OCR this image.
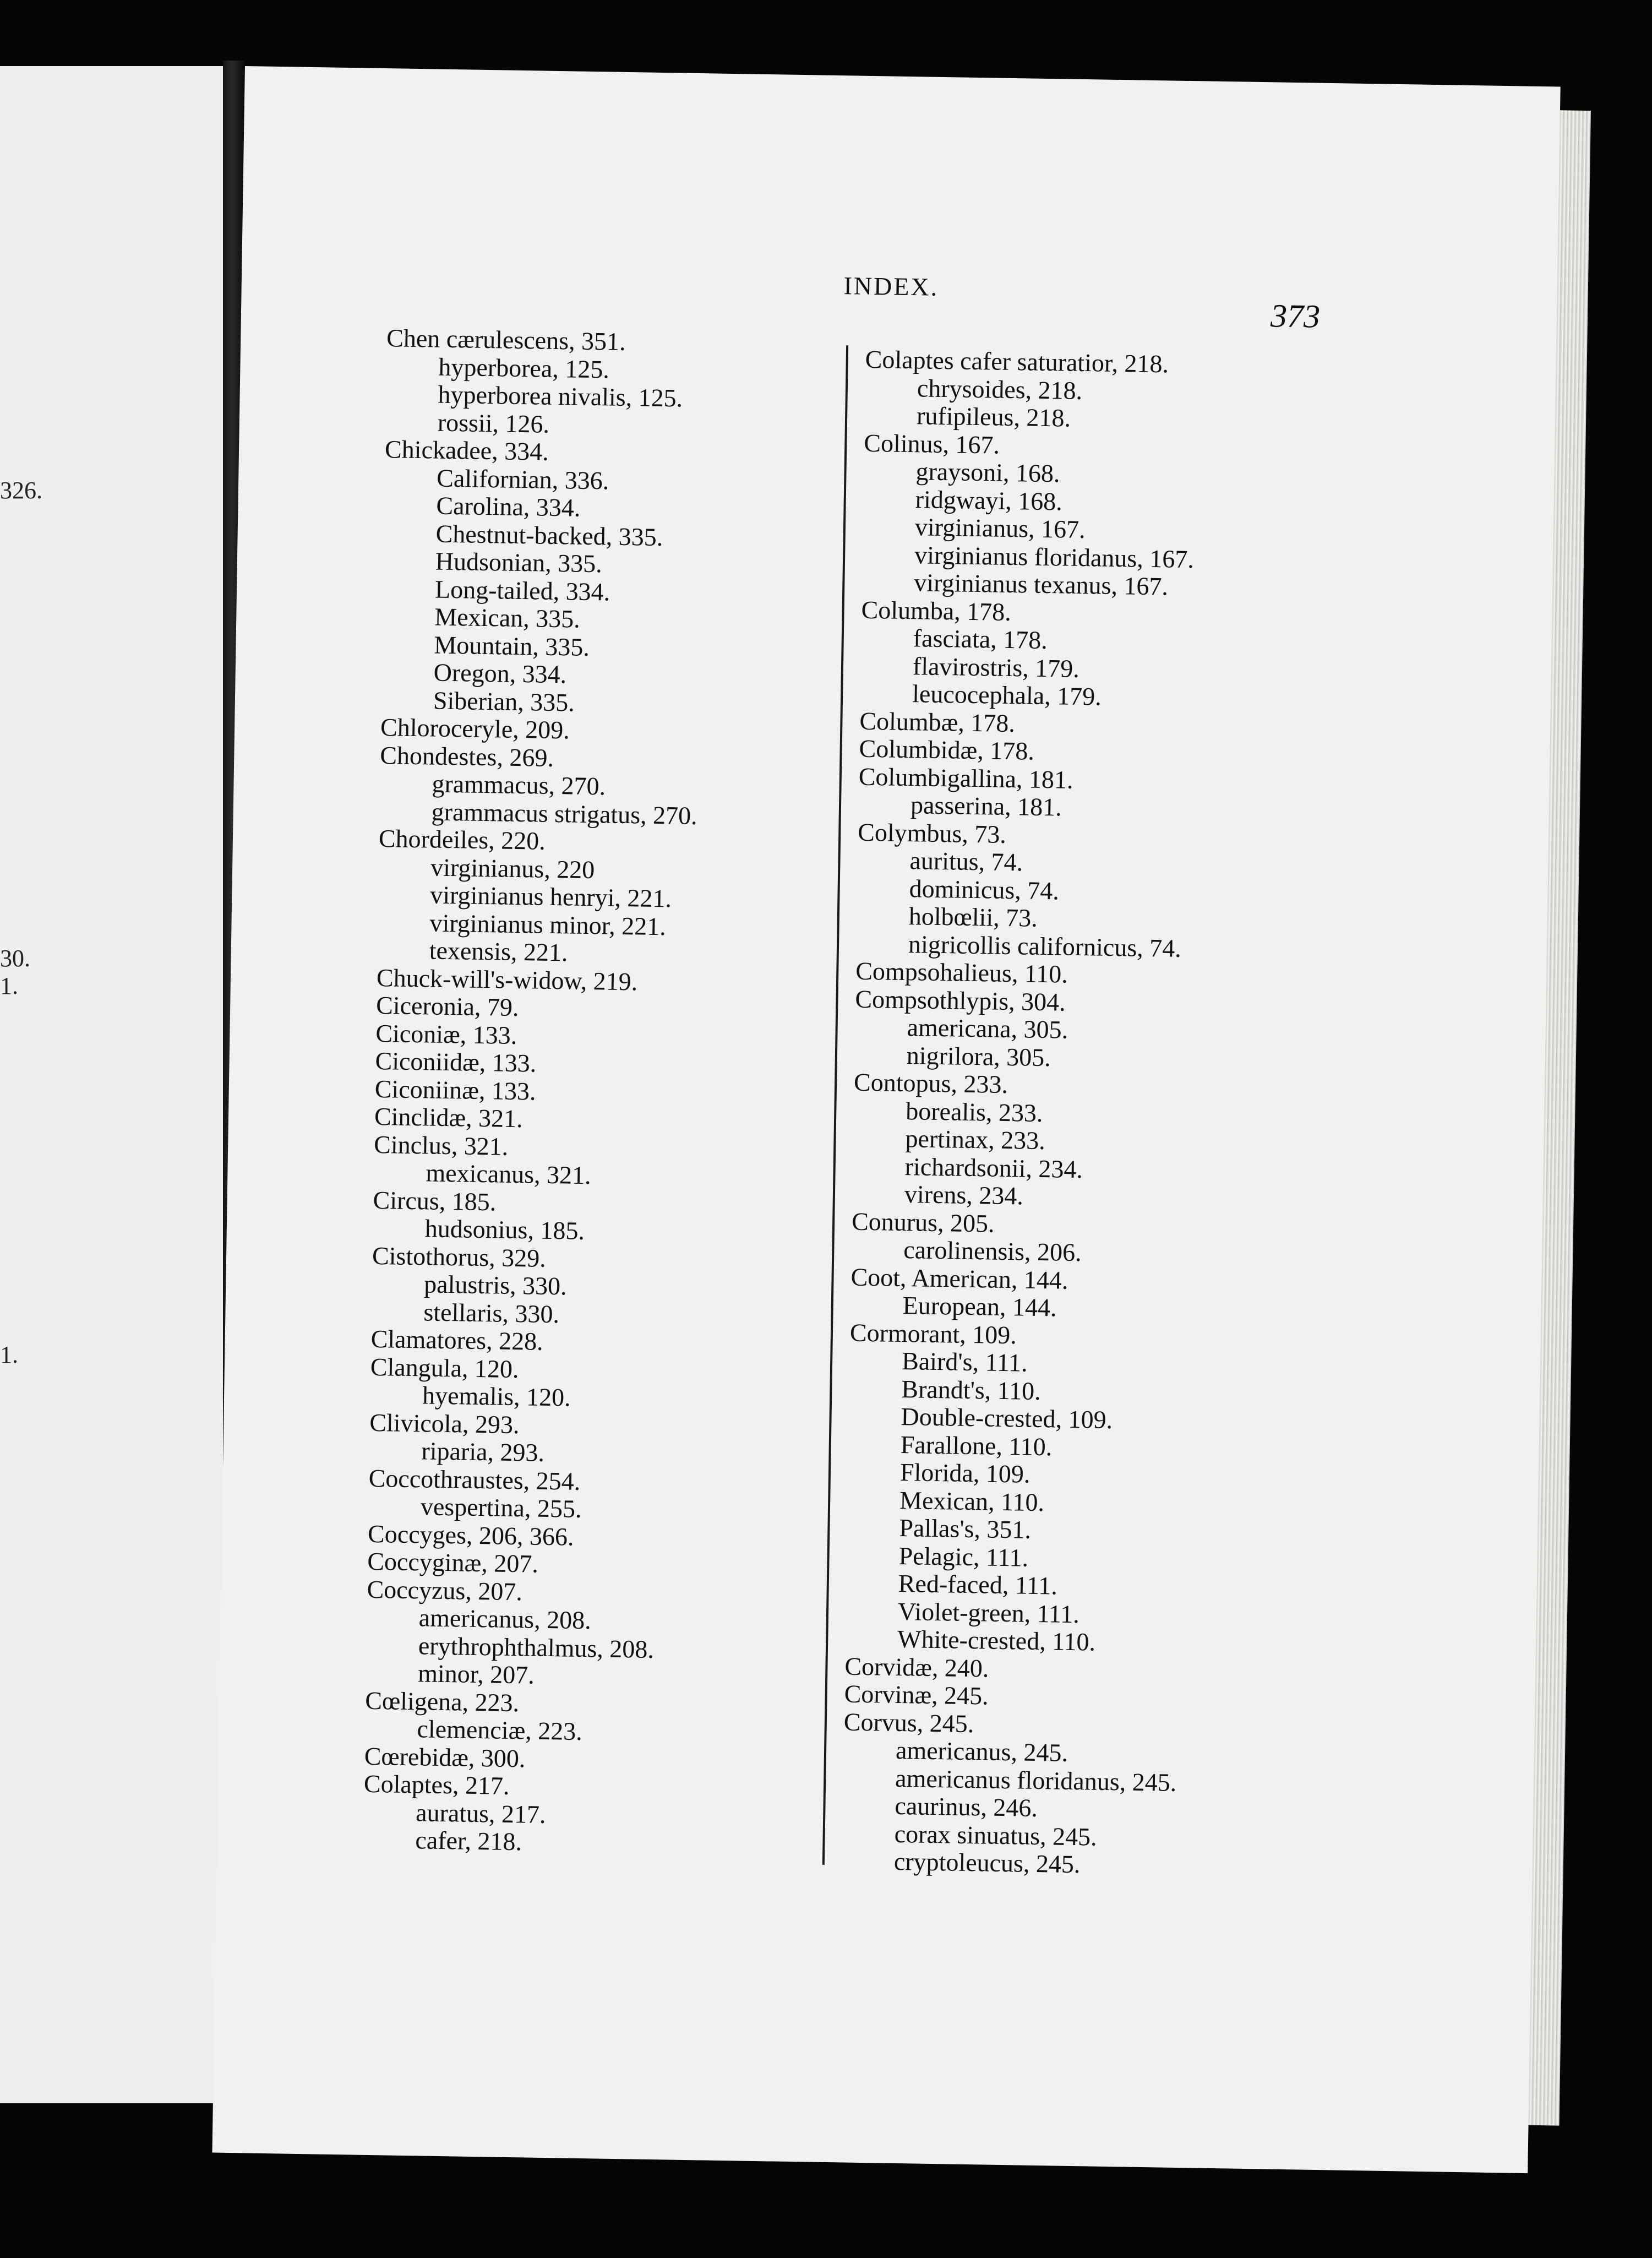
326.
30.
1.
1.
INDEX.
373
Chen cærulescens, 351.
hyperborea, 125.
hyperborea nivalis, 125.
rossii, 126.
Chickadee, 334.
Californian, 336.
Carolina, 334.
Chestnut-backed, 335.
Hudsonian, 335.
Long-tailed, 334.
Mexican, 335.
Mountain, 335.
Oregon, 334.
Siberian, 335.
Chloroceryle, 209.
Chondestes, 269.
grammacus, 270.
grammacus strigatus, 270.
Chordeiles, 220.
virginianus, 220
virginianus henryi, 221.
virginianus minor, 221.
texensis, 221.
Chuck-will's-widow, 219.
Ciceronia, 79.
Ciconiæ, 133.
Ciconiidæ, 133.
Ciconiinæ, 133.
Cinclidæ, 321.
Cinclus, 321.
mexicanus, 321.
Circus, 185.
hudsonius, 185.
Cistothorus, 329.
palustris, 330.
stellaris, 330.
Clamatores, 228.
Clangula, 120.
hyemalis, 120.
Clivicola, 293.
riparia, 293.
Coccothraustes, 254.
vespertina, 255.
Coccyges, 206, 366.
Coccyginæ, 207.
Coccyzus, 207.
americanus, 208.
erythrophthalmus, 208.
minor, 207.
Cœligena, 223.
clemenciæ, 223.
Cœrebidæ, 300.
Colaptes, 217.
auratus, 217.
cafer, 218.
Colaptes cafer saturatior, 218.
chrysoides, 218.
rufipileus, 218.
Colinus, 167.
graysoni, 168.
ridgwayi, 168.
virginianus, 167.
virginianus floridanus, 167.
virginianus texanus, 167.
Columba, 178.
fasciata, 178.
flavirostris, 179.
leucocephala, 179.
Columbæ, 178.
Columbidæ, 178.
Columbigallina, 181.
passerina, 181.
Colymbus, 73.
auritus, 74.
dominicus, 74.
holbœlii, 73.
nigricollis californicus, 74.
Compsohalieus, 110.
Compsothlypis, 304.
americana, 305.
nigrilora, 305.
Contopus, 233.
borealis, 233.
pertinax, 233.
richardsonii, 234.
virens, 234.
Conurus, 205.
carolinensis, 206.
Coot, American, 144.
European, 144.
Cormorant, 109.
Baird's, 111.
Brandt's, 110.
Double-crested, 109.
Farallone, 110.
Florida, 109.
Mexican, 110.
Pallas's, 351.
Pelagic, 111.
Red-faced, 111.
Violet-green, 111.
White-crested, 110.
Corvidæ, 240.
Corvinæ, 245.
Corvus, 245.
americanus, 245.
americanus floridanus, 245.
caurinus, 246.
corax sinuatus, 245.
cryptoleucus, 245.
